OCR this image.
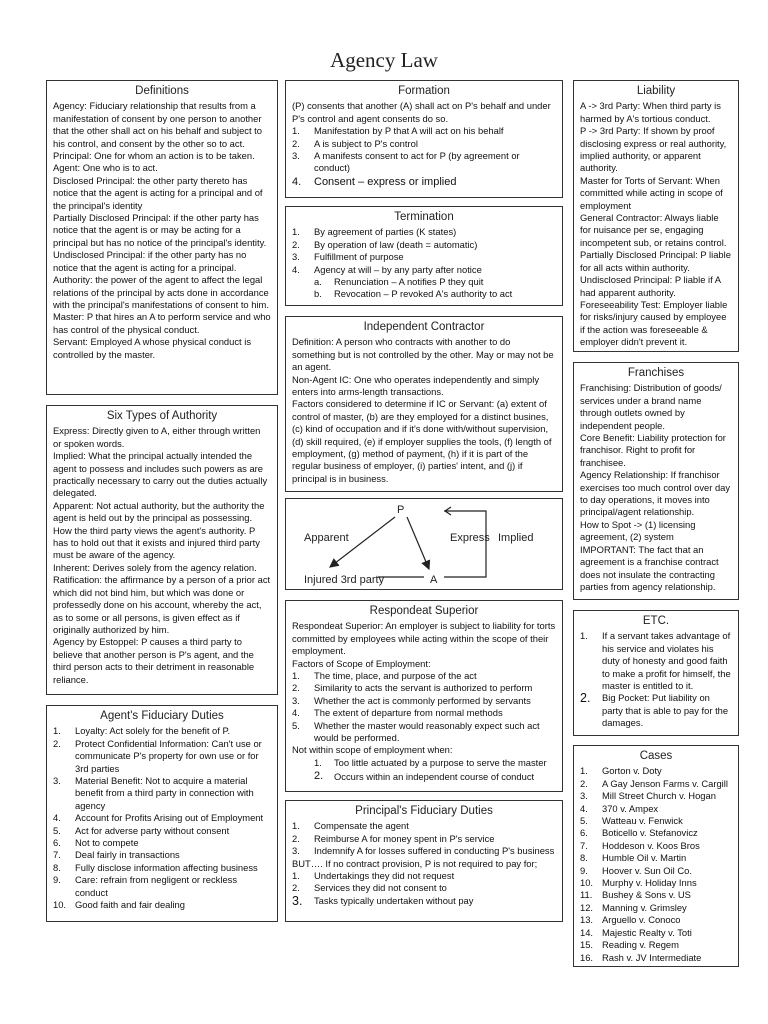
Agency Law
Definitions

Agency: Fiduciary relationship that results from a manifestation of consent by one person to another that the other shall act on his behalf and subject to his control, and consent by the other so to act.

Principal: One for whom an action is to be taken.

Agent: One who is to act.

Disclosed Principal: the other party thereto has notice that the agent is acting for a principal and of the principal's identity

Partially Disclosed Principal: if the other party has notice that the agent is or may be acting for a principal but has no notice of the principal's identity.

Undisclosed Principal: if the other party has no notice that the agent is acting for a principal.

Authority: the power of the agent to affect the legal relations of the principal by acts done in accordance with the principal's manifestations of consent to him.

Master: P that hires an A to perform service and who has control of the physical conduct.

Servant: Employed A whose physical conduct is controlled by the master.

Six Types of Authority

Express: Directly given to A, either through written or spoken words.

Implied: What the principal actually intended the agent to possess and includes such powers as are practically necessary to carry out the duties actually delegated.

Apparent: Not actual authority, but the authority the agent is held out by the principal as possessing. How the third party views the agent's authority. P has to hold out that it exists and injured third party must be aware of the agency.

Inherent: Derives solely from the agency relation.

Ratification: the affirmance by a person of a prior act which did not bind him, but which was done or professedly done on his account, whereby the act, as to some or all persons, is given effect as if originally authorized by him.

Agency by Estoppel: P causes a third party to believe that another person is P's agent, and the third person acts to their detriment in reasonable reliance.

Agent's Fiduciary Duties
1.	Loyalty: Act solely for the benefit of P.
2.	Protect Confidential Information: Can't use or communicate P's property for own use or for 3rd parties
3.	Material Benefit: Not to acquire a material benefit from a third party in connection with agency
4.	Account for Profits Arising out of Employment
5.	Act for adverse party without consent
6.	Not to compete
7.	Deal fairly in transactions
8.	Fully disclose information affecting business
9.	Care: refrain from negligent or reckless conduct
10. Good faith and fair dealing
Formation

(P) consents that another (A) shall act on P's behalf and under P's control and agent consents do so.

1.	Manifestation by P that A will act on his behalf
2.	A is subject to P's control
3.	A manifests consent to act for P (by agreement or conduct)
4.	Consent – express or implied
Termination
1.	By agreement of parties (K states)
2.	By operation of law (death = automatic)
3.	Fulfillment of purpose
4.	Agency at will – by any party after notice
a.	Renunciation – A notifies P they quit
b.	Revocation – P revoked A's authority to act
Independent Contractor

Definition: A person who contracts with another to do something but is not controlled by the other. May or may not be an agent.

Non-Agent IC: One who operates independently and simply enters into arms-length transactions.

Factors considered to determine if IC or Servant: (a) extent of control of master, (b) are they employed for a distinct busines, (c) kind of occupation and if it's done with/without supervision, (d) skill required, (e) if employer supplies the tools, (f) length of employment, (g) method of payment, (h) if it is part of the regular business of employer, (i) parties' intent, and (j) if principal is in business.

P
A
Apparent	Express Implied
Injured 3rd party
Respondeat Superior

Respondeat Superior: An employer is subject to liability for torts committed by employees while acting within the scope of their employment.

Factors of Scope of Employment:

1.	The time, place, and purpose of the act
2.	Similarity to acts the servant is authorized to perform
3.	Whether the act is commonly performed by servants
4.	The extent of departure from normal methods
5.	Whether the master would reasonably expect such act would be performed.

Not within scope of employment when:

1.	Too little actuated by a purpose to serve the master
2.	Occurs within an independent course of conduct
Principal's Fiduciary Duties
1.	Compensate the agent
2.	Reimburse A for money spent in P's service
3.	Indemnify A for losses suffered in conducting P's business

BUT…. If no contract provision, P is not required to pay for;

1.	Undertakings they did not request
2.	Services they did not consent to
3.	Tasks typically undertaken without pay
Liability

A -> 3rd Party: When third party is harmed by A's tortious conduct.

P -> 3rd Party: If shown by proof disclosing express or real authority, implied authority, or apparent authority.

Master for Torts of Servant: When committed while acting in scope of employment

General Contractor: Always liable for nuisance per se, engaging incompetent sub, or retains control.

Partially Disclosed Principal: P liable for all acts within authority.

Undisclosed Principal: P liable if A had apparent authority.

Foreseeability Test: Employer liable for risks/injury caused by employee if the action was foreseeable & employer didn't prevent it.

Franchises

Franchising: Distribution of goods/ services under a brand name through outlets owned by independent people.

Core Benefit: Liability protection for franchisor. Right to profit for franchisee.

Agency Relationship: If franchisor exercises too much control over day to day operations, it moves into principal/agent relationship.

How to Spot -> (1) licensing agreement, (2) system

IMPORTANT: The fact that an agreement is a franchise contract does not insulate the contracting parties from agency relationship.

ETC.
1.	If a servant takes advantage of his service and violates his duty of honesty and good faith to make a profit for himself, the master is entitled to it.
2.	Big Pocket: Put liability on party that is able to pay for the damages.
Cases
1.	Gorton v. Doty
2.	A Gay Jenson Farms v. Cargill
3.	Mill Street Church v. Hogan
4.	370 v. Ampex
5.	Watteau v. Fenwick
6.	Boticello v. Stefanovicz
7.	Hoddeson v. Koos Bros
8.	Humble Oil v. Martin
9.	Hoover v. Sun Oil Co.
10. Murphy v. Holiday Inns
11.	Bushey & Sons v. US
12. Manning v. Grimsley
13. Arguello v. Conoco
14. Majestic Realty v. Toti
15. Reading v. Regem
16. Rash v. JV Intermediate
